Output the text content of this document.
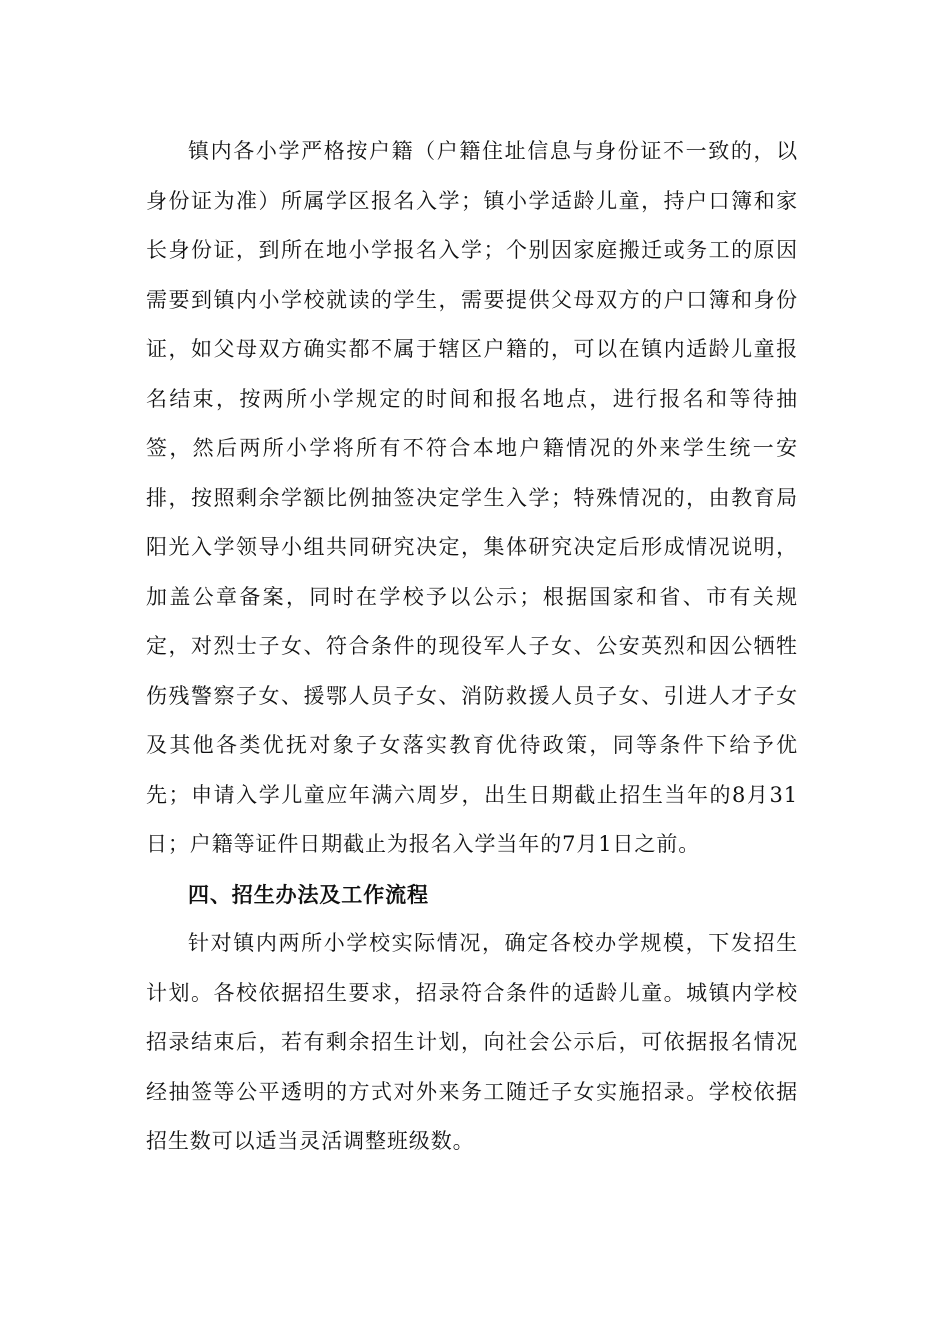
镇内各小学严格按户籍（户籍住址信息与身份证不一致的，以身份证为准）所属学区报名入学；镇小学适龄儿童，持户口簿和家长身份证，到所在地小学报名入学；个别因家庭搬迁或务工的原因需要到镇内小学校就读的学生，需要提供父母双方的户口簿和身份证，如父母双方确实都不属于辖区户籍的，可以在镇内适龄儿童报名结束，按两所小学规定的时间和报名地点，进行报名和等待抽签，然后两所小学将所有不符合本地户籍情况的外来学生统一安排，按照剩余学额比例抽签决定学生入学；特殊情况的，由教育局阳光入学领导小组共同研究决定，集体研究决定后形成情况说明，加盖公章备案，同时在学校予以公示；根据国家和省、市有关规定，对烈士子女、符合条件的现役军人子女、公安英烈和因公牺牲伤残警察子女、援鄂人员子女、消防救援人员子女、引进人才子女及其他各类优抚对象子女落实教育优待政策，同等条件下给予优先；申请入学儿童应年满六周岁，出生日期截止招生当年的8月31日；户籍等证件日期截止为报名入学当年的7月1日之前。

四、招生办法及工作流程

针对镇内两所小学校实际情况，确定各校办学规模，下发招生计划。各校依据招生要求，招录符合条件的适龄儿童。城镇内学校招录结束后，若有剩余招生计划，向社会公示后，可依据报名情况经抽签等公平透明的方式对外来务工随迁子女实施招录。学校依据招生数可以适当灵活调整班级数。
